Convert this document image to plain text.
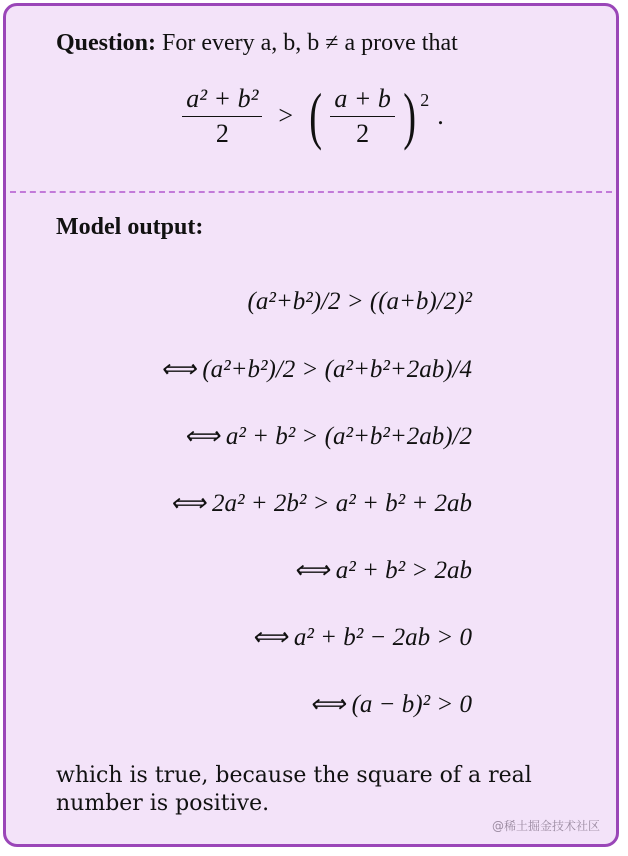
Question: For every a, b, b ≠ a prove that
$\frac{\text{a² + b²}}{2}$ > ( $\frac{a + b}{2} )^2$
.
Model output:
(a²+b²)/2 > ((a+b)/2)²
⟺ (a²+b²)/2 > (a²+b²+2ab)/4
⟺ a² + b² > (a²+b²+2ab)/2
⟺ 2a² + 2b² > a² + b² + 2ab
⟺ a² + b² > 2ab
⟺ a² + b² − 2ab > 0
⟺ (a − b)² > 0
which is true, because the square of a real number is positive.
@稀土掘金技术社区
